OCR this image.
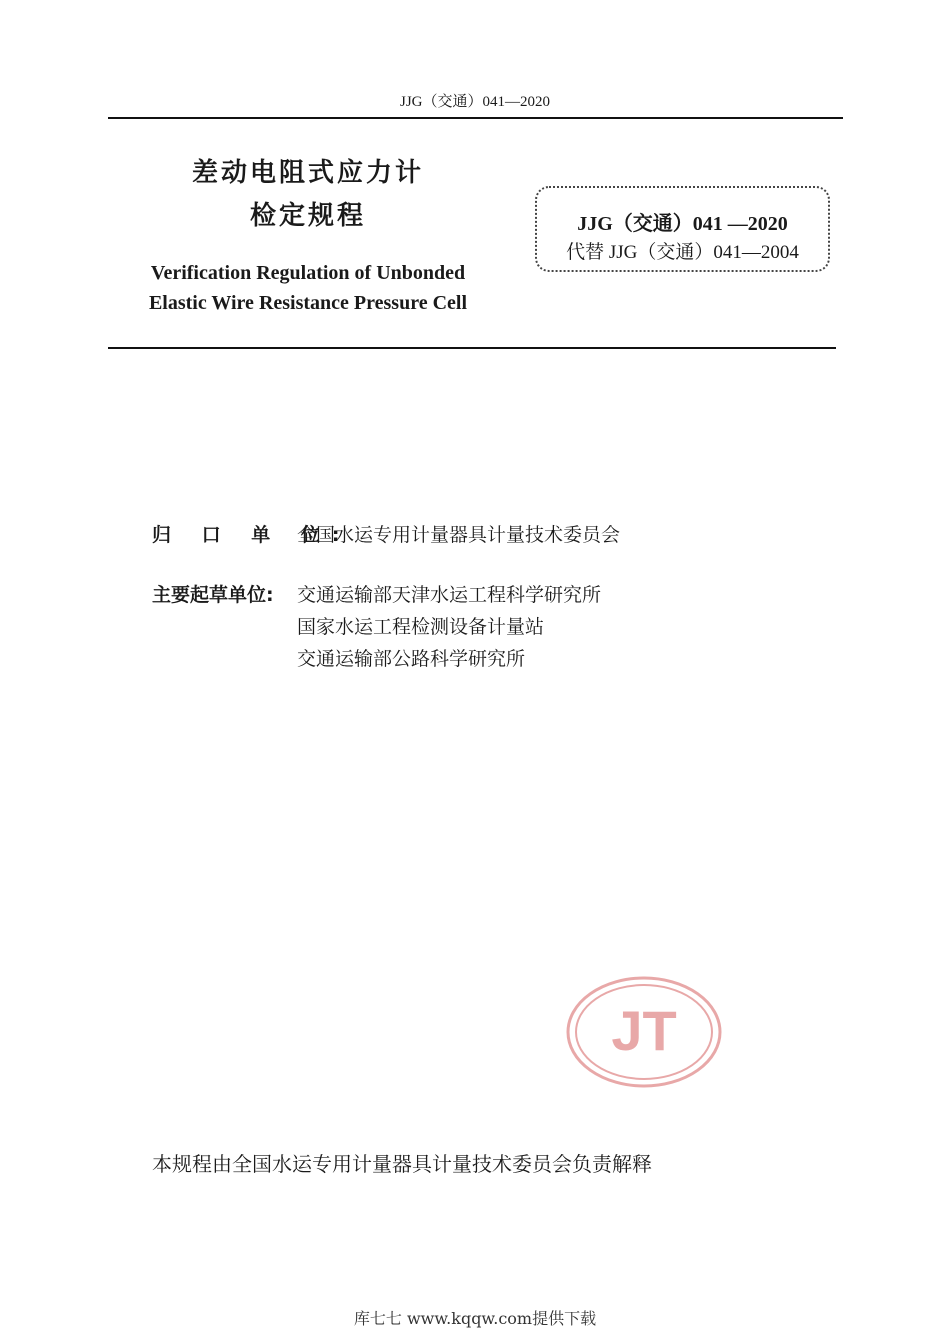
JJG（交通）041—2020
差动电阻式应力计
检定规程
Verification Regulation of Unbonded
Elastic Wire Resistance Pressure Cell
JJG（交通）041 —2020
代替 JJG（交通）041—2004
归 口 单 位:
全国水运专用计量器具计量技术委员会
主要起草单位: 交通运输部天津水运工程科学研究所
国家水运工程检测设备计量站
交通运输部公路科学研究所
JT
本规程由全国水运专用计量器具计量技术委员会负责解释
库七七 www.kqqw.com提供下载
